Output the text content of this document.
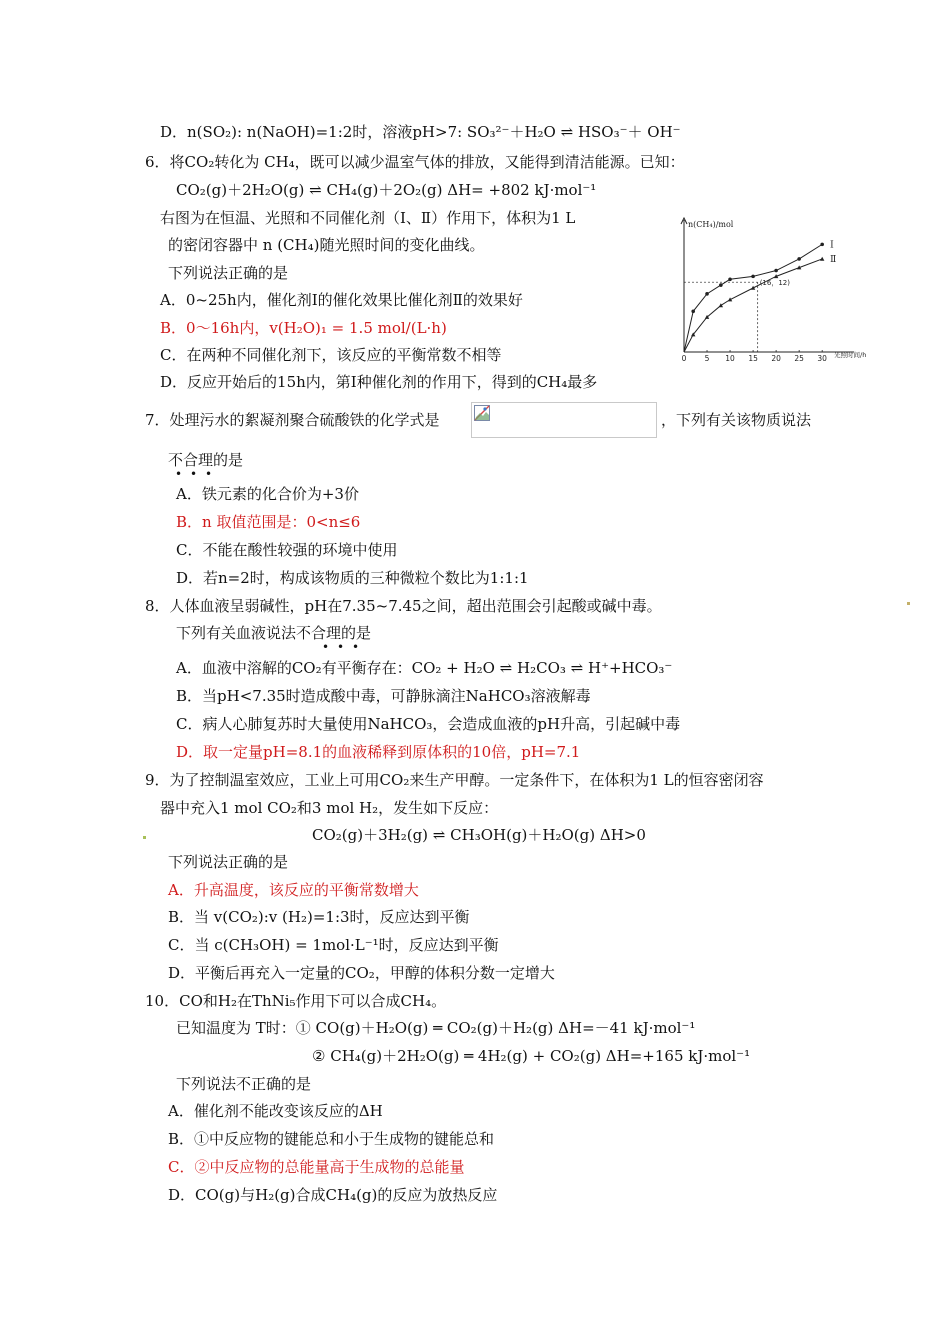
D．n(SO₂): n(NaOH)=1:2时，溶液pH>7: SO₃²⁻＋H₂O ⇌ HSO₃⁻＋ OH⁻
6．将CO₂转化为 CH₄，既可以减少温室气体的排放，又能得到清洁能源。已知：
CO₂(g)＋2H₂O(g) ⇌ CH₄(g)＋2O₂(g) ΔH= +802 kJ·mol⁻¹
右图为在恒温、光照和不同催化剂（Ⅰ、Ⅱ）作用下，体积为1 L
的密闭容器中 n (CH₄)随光照时间的变化曲线。
下列说法正确的是
A．0~25h内，催化剂Ⅰ的催化效果比催化剂Ⅱ的效果好
B．0～16h内，v(H₂O)₁ = 1.5 mol/(L·h)
C．在两种不同催化剂下，该反应的平衡常数不相等
D．反应开始后的15h内，第Ⅰ种催化剂的作用下，得到的CH₄最多
7．处理污水的絮凝剂聚合硫酸铁的化学式是	，下列有关该物质说法
不合理的是
A．铁元素的化合价为+3价
B．n 取值范围是：0<n≤6
C．不能在酸性较强的环境中使用
D．若n=2时，构成该物质的三种微粒个数比为1:1:1
8．人体血液呈弱碱性，pH在7.35~7.45之间，超出范围会引起酸或碱中毒。
下列有关血液说法不合理的是
A．血液中溶解的CO₂有平衡存在：CO₂ + H₂O ⇌ H₂CO₃ ⇌ H⁺+HCO₃⁻
B．当pH<7.35时造成酸中毒，可静脉滴注NaHCO₃溶液解毒
C．病人心肺复苏时大量使用NaHCO₃，会造成血液的pH升高，引起碱中毒
D．取一定量pH=8.1的血液稀释到原体积的10倍，pH=7.1
9．为了控制温室效应，工业上可用CO₂来生产甲醇。一定条件下，在体积为1 L的恒容密闭容
器中充入1 mol CO₂和3 mol H₂，发生如下反应：
CO₂(g)＋3H₂(g) ⇌ CH₃OH(g)＋H₂O(g) ΔH>0
下列说法正确的是
A．升高温度，该反应的平衡常数增大
B．当 v(CO₂):v (H₂)=1:3时，反应达到平衡
C．当 c(CH₃OH) = 1mol·L⁻¹时，反应达到平衡
D．平衡后再充入一定量的CO₂，甲醇的体积分数一定增大
10．CO和H₂在ThNi₅作用下可以合成CH₄。
已知温度为 T时：① CO(g)＋H₂O(g) ═ CO₂(g)＋H₂(g) ΔH=－41 kJ·mol⁻¹
② CH₄(g)＋2H₂O(g) ═ 4H₂(g) + CO₂(g) ΔH=+165 kJ·mol⁻¹
下列说法不正确的是
A．催化剂不能改变该反应的ΔH
B．①中反应物的键能总和小于生成物的键能总和
C．②中反应物的总能量高于生成物的总能量
D．CO(g)与H₂(g)合成CH₄(g)的反应为放热反应
• • •
• • •
n(CH₄)/mol
光照时间/h
0 5 10 15 20 25 30
(16，12)
Ⅰ
Ⅱ
